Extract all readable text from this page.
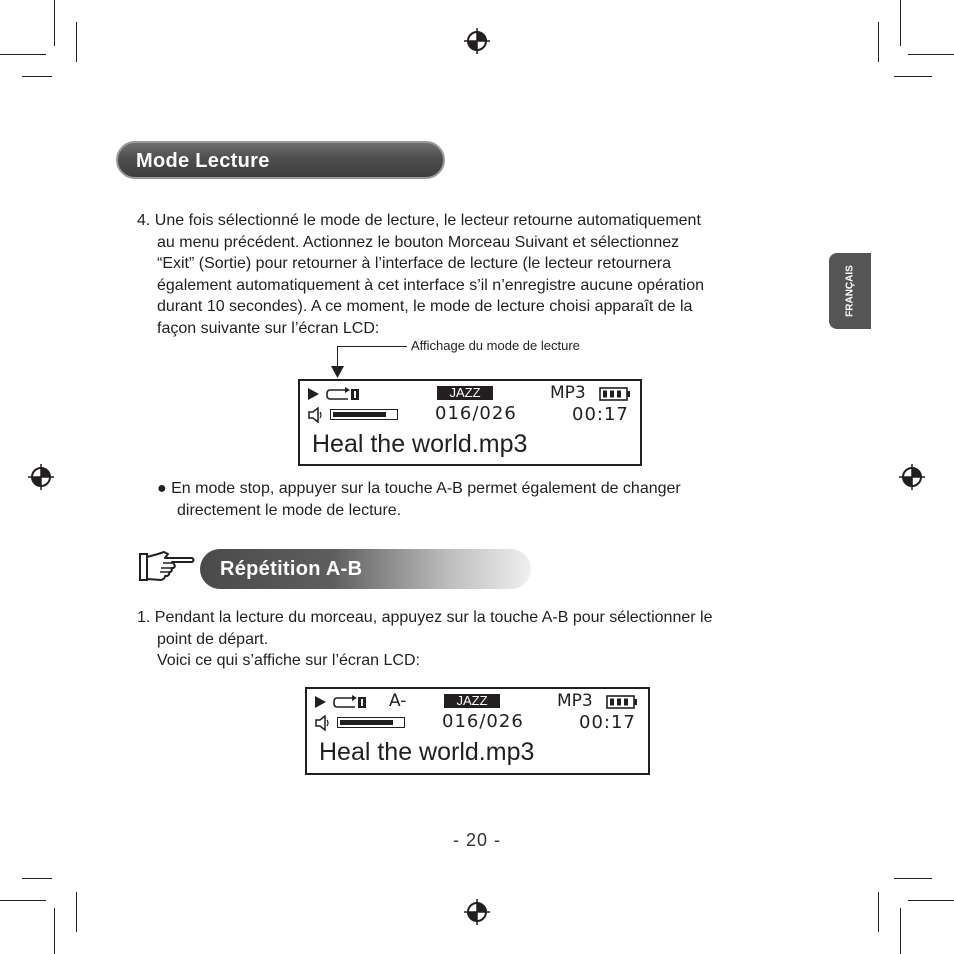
FRANÇAIS
Mode Lecture

4. Une fois sélectionné le mode de lecture, le lecteur retourne automatiquement

au menu précédent. Actionnez le bouton Morceau Suivant et sélectionnez

“Exit” (Sortie) pour retourner à l’interface de lecture (le lecteur retournera

également automatiquement à cet interface s’il n’enregistre aucune opération

durant 10 secondes). A ce moment, le mode de lecture choisi apparaît de la

façon suivante sur l’écran LCD:

Affichage du mode de lecture
JAZZ	MP3
016/026	00:17
Heal the world.mp3

● En mode stop, appuyer sur la touche A-B permet également de changer

directement le mode de lecture.

Répétition A-B

1. Pendant la lecture du morceau, appuyez sur la touche A-B pour sélectionner le

point de départ.

Voici ce qui s’affiche sur l’écran LCD:

A-	JAZZ	MP3
016/026	00:17
Heal the world.mp3
- 20 -
